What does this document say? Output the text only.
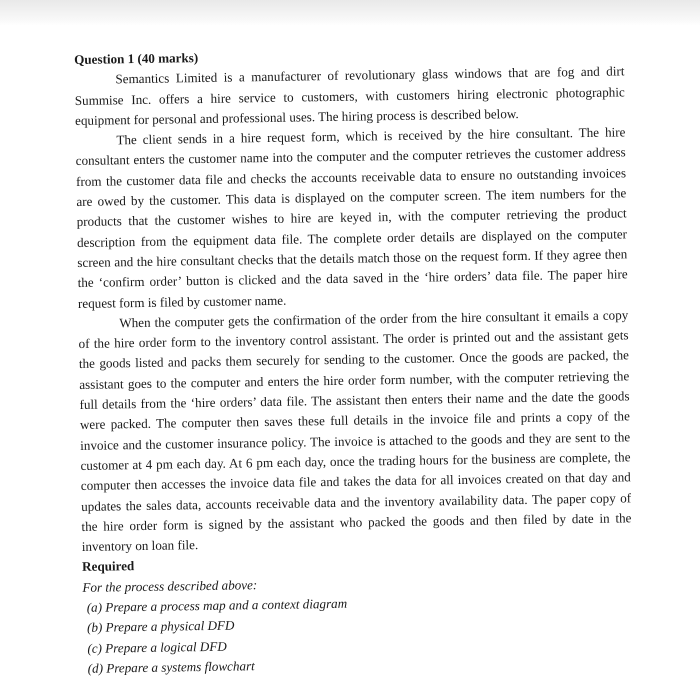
Question 1 (40 marks)

Semantics Limited is a manufacturer of revolutionary glass windows that are fog and dirt Summise Inc. offers a hire service to customers, with customers hiring electronic photographic equipment for personal and professional uses. The hiring process is described below.

The client sends in a hire request form, which is received by the hire consultant. The hire consultant enters the customer name into the computer and the computer retrieves the customer address from the customer data file and checks the accounts receivable data to ensure no outstanding invoices are owed by the customer. This data is displayed on the computer screen. The item numbers for the products that the customer wishes to hire are keyed in, with the computer retrieving the product description from the equipment data file. The complete order details are displayed on the computer screen and the hire consultant checks that the details match those on the request form. If they agree then the ‘confirm order’ button is clicked and the data saved in the ‘hire orders’ data file. The paper hire request form is filed by customer name.

When the computer gets the confirmation of the order from the hire consultant it emails a copy of the hire order form to the inventory control assistant. The order is printed out and the assistant gets the goods listed and packs them securely for sending to the customer. Once the goods are packed, the assistant goes to the computer and enters the hire order form number, with the computer retrieving the full details from the ‘hire orders’ data file. The assistant then enters their name and the date the goods were packed. The computer then saves these full details in the invoice file and prints a copy of the invoice and the customer insurance policy. The invoice is attached to the goods and they are sent to the customer at 4 pm each day. At 6 pm each day, once the trading hours for the business are complete, the computer then accesses the invoice data file and takes the data for all invoices created on that day and updates the sales data, accounts receivable data and the inventory availability data. The paper copy of the hire order form is signed by the assistant who packed the goods and then filed by date in the inventory on loan file.

Required
For the process described above:
(a) Prepare a process map and a context diagram
(b) Prepare a physical DFD
(c) Prepare a logical DFD
(d) Prepare a systems flowchart
